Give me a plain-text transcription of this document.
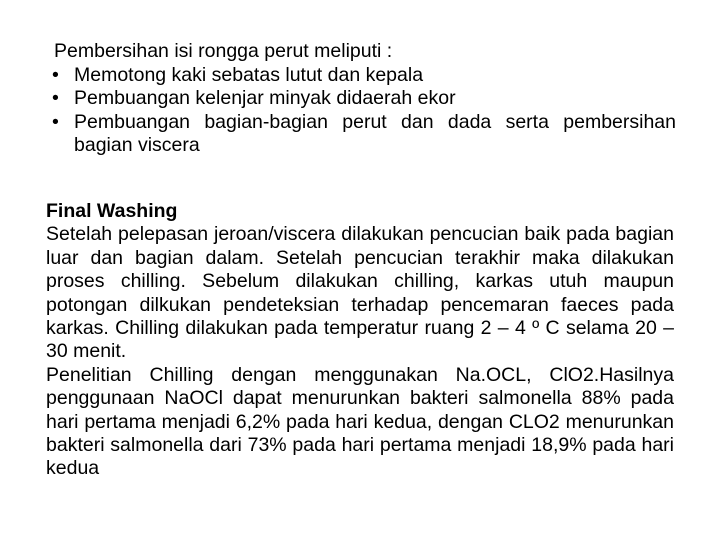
Pembersihan isi rongga perut meliputi :
• Memotong kaki sebatas lutut dan kepala
• Pembuangan kelenjar minyak didaerah ekor
• Pembuangan bagian-bagian perut dan dada serta pembersihan bagian viscera
Final Washing
Setelah pelepasan jeroan/viscera dilakukan pencucian baik pada bagian luar dan bagian dalam. Setelah pencucian terakhir maka dilakukan proses chilling. Sebelum dilakukan chilling, karkas utuh maupun potongan dilkukan pendeteksian terhadap pencemaran faeces pada karkas. Chilling dilakukan pada temperatur ruang 2 – 4 º C selama 20 – 30 menit.
Penelitian Chilling dengan menggunakan Na.OCL, ClO2.Hasilnya penggunaan NaOCl dapat menurunkan bakteri salmonella 88% pada hari pertama menjadi 6,2% pada hari kedua, dengan CLO2 menurunkan bakteri salmonella dari 73% pada hari pertama menjadi 18,9% pada hari kedua
